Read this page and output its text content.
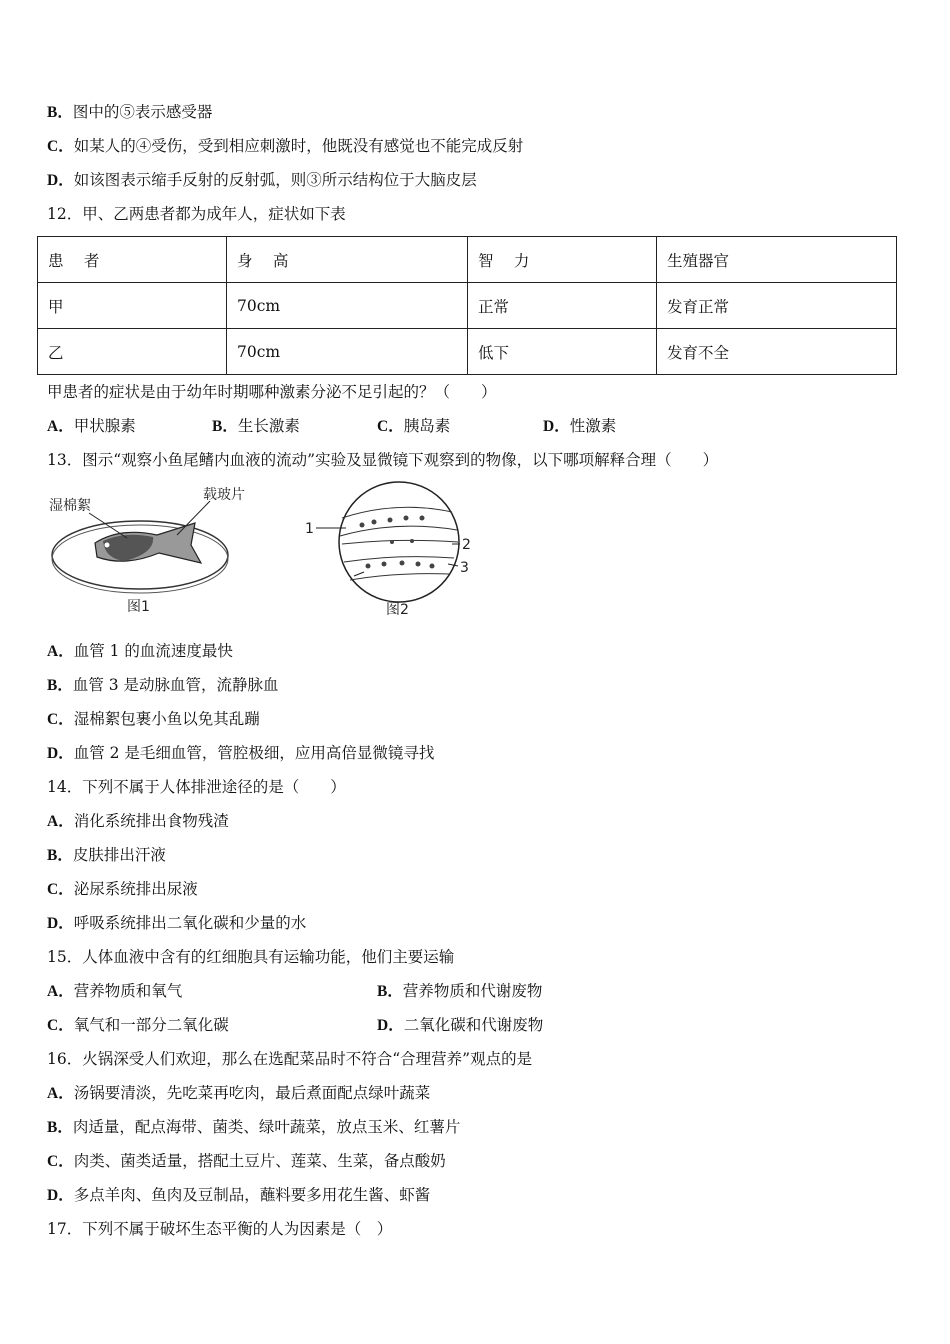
B．图中的⑤表示感受器
C．如某人的④受伤，受到相应刺激时，他既没有感觉也不能完成反射
D．如该图表示缩手反射的反射弧，则③所示结构位于大脑皮层
12．甲、乙两患者都为成年人，症状如下表
患　 者	身　 高	智　 力	生殖器官
甲	70cm	正常	发育正常
乙	70cm	低下	发育不全
甲患者的症状是由于幼年时期哪种激素分泌不足引起的？（　　）
A．甲状腺素	B．生长激素	C．胰岛素	D．性激素
13．图示“观察小鱼尾鳍内血液的流动”实验及显微镜下观察到的物像，以下哪项解释合理（　　）
湿棉絮
载玻片
图1
1
2
3
图2
A．血管 1 的血流速度最快
B．血管 3 是动脉血管，流静脉血
C．湿棉絮包裹小鱼以免其乱蹦
D．血管 2 是毛细血管，管腔极细，应用高倍显微镜寻找
14．下列不属于人体排泄途径的是（　　）
A．消化系统排出食物残渣
B．皮肤排出汗液
C．泌尿系统排出尿液
D．呼吸系统排出二氧化碳和少量的水
15．人体血液中含有的红细胞具有运输功能，他们主要运输
A．营养物质和氧气	B．营养物质和代谢废物
C．氧气和一部分二氧化碳	D．二氧化碳和代谢废物
16．火锅深受人们欢迎，那么在选配菜品时不符合“合理营养”观点的是
A．汤锅要清淡，先吃菜再吃肉，最后煮面配点绿叶蔬菜
B．肉适量，配点海带、菌类、绿叶蔬菜，放点玉米、红薯片
C．肉类、菌类适量，搭配土豆片、莲菜、生菜，备点酸奶
D．多点羊肉、鱼肉及豆制品，蘸料要多用花生酱、虾酱
17．下列不属于破坏生态平衡的人为因素是（　）
